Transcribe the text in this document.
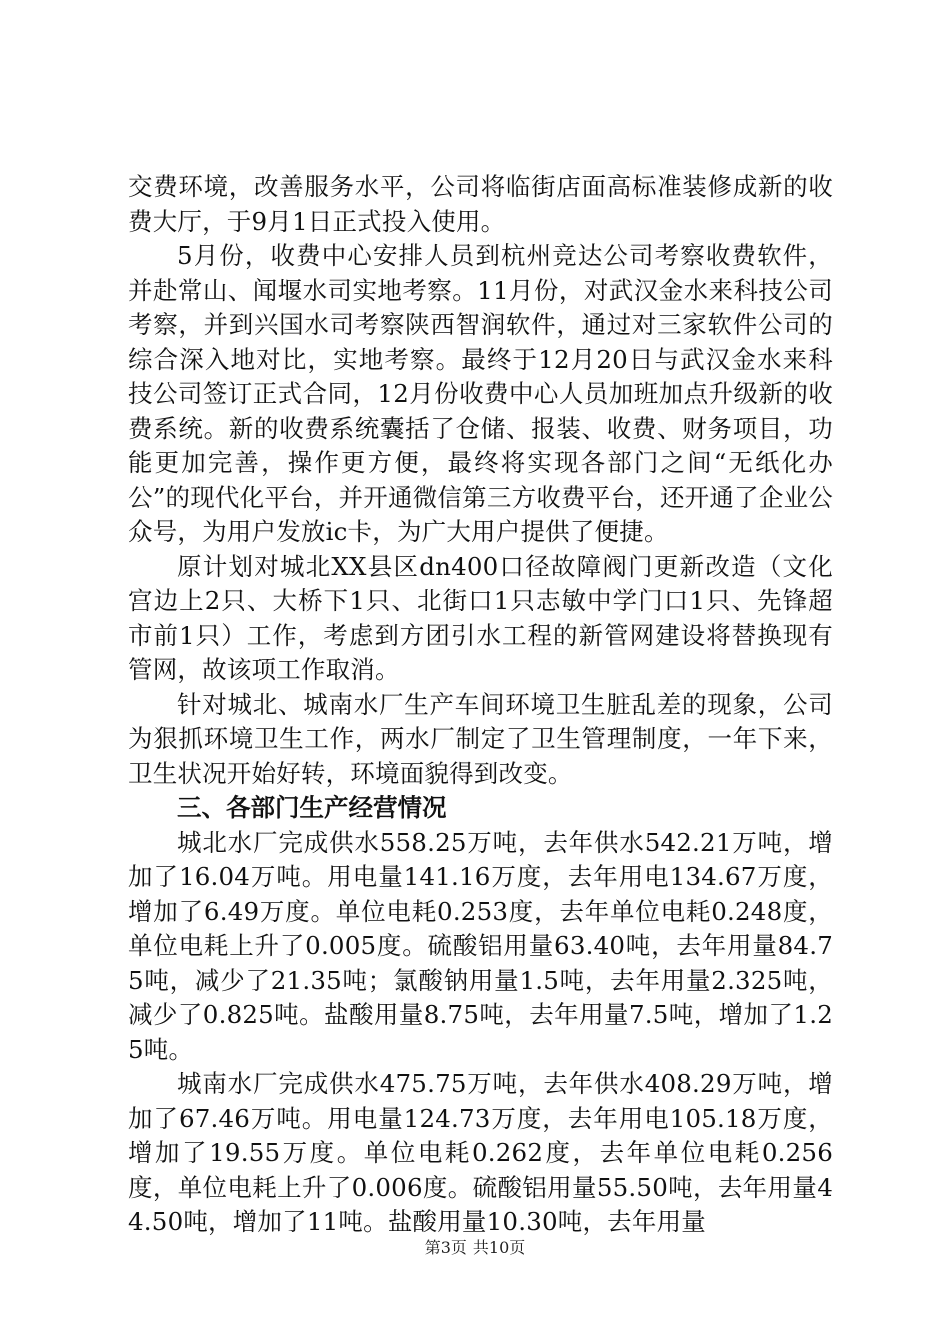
交费环境，改善服务水平，公司将临街店面高标准装修成新的收费大厅，于9月1日正式投入使用。

5月份，收费中心安排人员到杭州竞达公司考察收费软件，并赴常山、闻堰水司实地考察。11月份，对武汉金水来科技公司考察，并到兴国水司考察陕西智润软件，通过对三家软件公司的综合深入地对比，实地考察。最终于12月20日与武汉金水来科技公司签订正式合同，12月份收费中心人员加班加点升级新的收费系统。新的收费系统囊括了仓储、报装、收费、财务项目，功能更加完善，操作更方便，最终将实现各部门之间“无纸化办公”的现代化平台，并开通微信第三方收费平台，还开通了企业公众号，为用户发放ic卡，为广大用户提供了便捷。

原计划对城北XX县区dn400口径故障阀门更新改造（文化宫边上2只、大桥下1只、北街口1只志敏中学门口1只、先锋超市前1只）工作，考虑到方团引水工程的新管网建设将替换现有管网，故该项工作取消。

针对城北、城南水厂生产车间环境卫生脏乱差的现象，公司为狠抓环境卫生工作，两水厂制定了卫生管理制度，一年下来，卫生状况开始好转，环境面貌得到改变。

三、各部门生产经营情况

城北水厂完成供水558.25万吨，去年供水542.21万吨，增加了16.04万吨。用电量141.16万度，去年用电134.67万度，增加了6.49万度。单位电耗0.253度，去年单位电耗0.248度，单位电耗上升了0.005度。硫酸铝用量63.40吨，去年用量84.75吨，减少了21.35吨；氯酸钠用量1.5吨，去年用量2.325吨，减少了0.825吨。盐酸用量8.75吨，去年用量7.5吨，增加了1.25吨。

城南水厂完成供水475.75万吨，去年供水408.29万吨，增加了67.46万吨。用电量124.73万度，去年用电105.18万度，增加了19.55万度。单位电耗0.262度，去年单位电耗0.256度，单位电耗上升了0.006度。硫酸铝用量55.50吨，去年用量44.50吨，增加了11吨。盐酸用量10.30吨，去年用量

第3页 共10页
